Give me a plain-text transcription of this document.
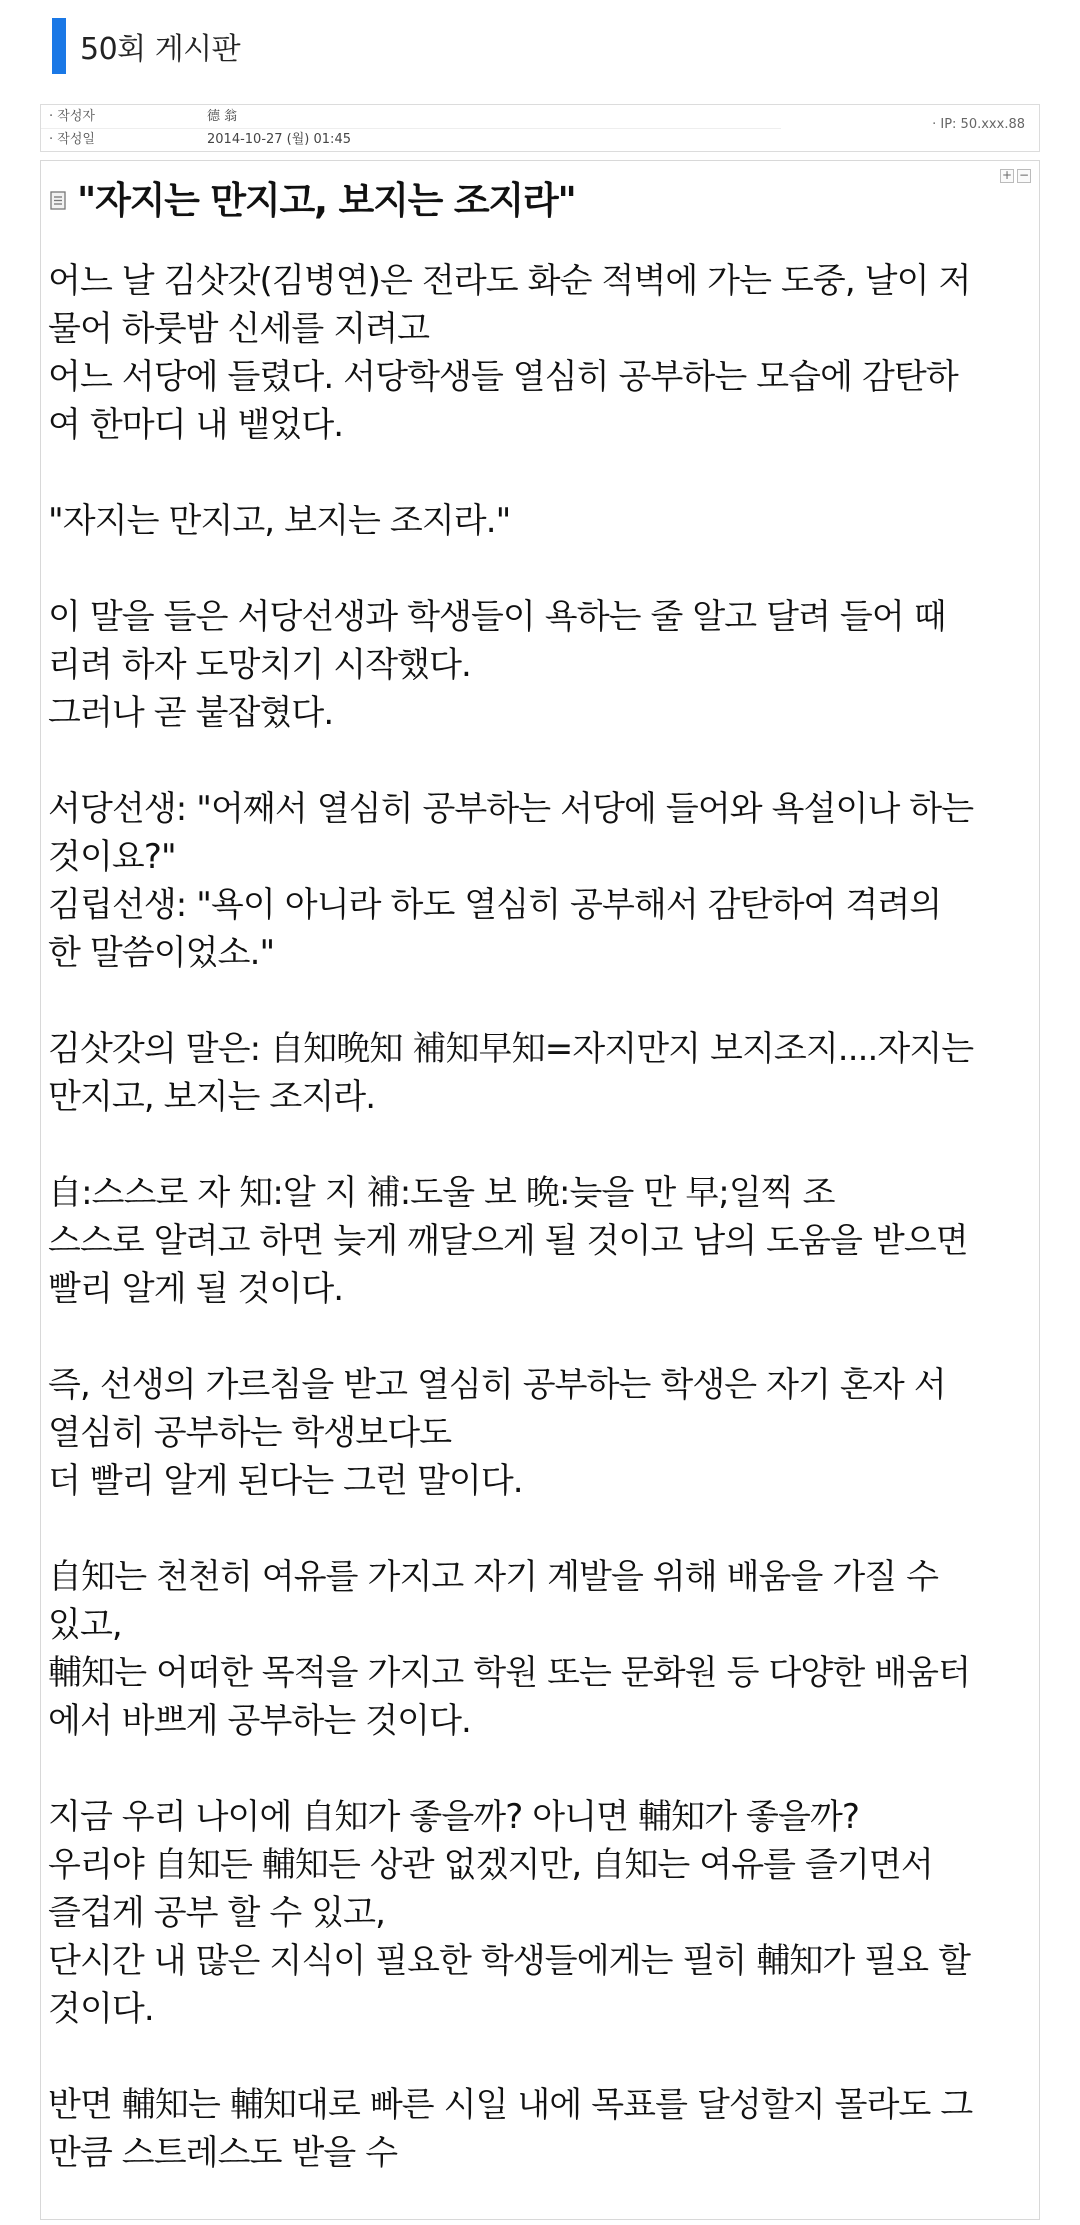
50회 게시판
· 작성자	德 翁
· 작성일	2014-10-27 (월) 01:45
· IP: 50.xxx.88
+ −
"자지는 만지고, 보지는 조지라"

어느 날 김삿갓(김병연)은 전라도 화순 적벽에 가는 도중, 날이 저
물어 하룻밤 신세를 지려고
어느 서당에 들렸다. 서당학생들 열심히 공부하는 모습에 감탄하
여 한마디 내 뱉었다.

"자지는 만지고, 보지는 조지라."

이 말을 들은 서당선생과 학생들이 욕하는 줄 알고 달려 들어 때
리려 하자 도망치기 시작했다.
그러나 곧 붙잡혔다.

서당선생: "어째서 열심히 공부하는 서당에 들어와 욕설이나 하는
것이요?"
김립선생: "욕이 아니라 하도 열심히 공부해서 감탄하여 격려의
한 말씀이었소."

김삿갓의 말은: 自知晩知 補知早知=자지만지 보지조지....자지는
만지고, 보지는 조지라.

自:스스로 자 知:알 지 補:도울 보 晩:늦을 만 早;일찍 조
스스로 알려고 하면 늦게 깨달으게 될 것이고 남의 도움을 받으면
빨리 알게 될 것이다.

즉, 선생의 가르침을 받고 열심히 공부하는 학생은 자기 혼자 서
열심히 공부하는 학생보다도
더 빨리 알게 된다는 그런 말이다.

自知는 천천히 여유를 가지고 자기 계발을 위해 배움을 가질 수
있고,
輔知는 어떠한 목적을 가지고 학원 또는 문화원 등 다양한 배움터
에서 바쁘게 공부하는 것이다.

지금 우리 나이에 自知가 좋을까? 아니면 輔知가 좋을까?
우리야 自知든 輔知든 상관 없겠지만, 自知는 여유를 즐기면서
즐겁게 공부 할 수 있고,
단시간 내 많은 지식이 필요한 학생들에게는 필히 輔知가 필요 할
것이다.

반면 輔知는 輔知대로 빠른 시일 내에 목표를 달성할지 몰라도 그
만큼 스트레스도 받을 수
